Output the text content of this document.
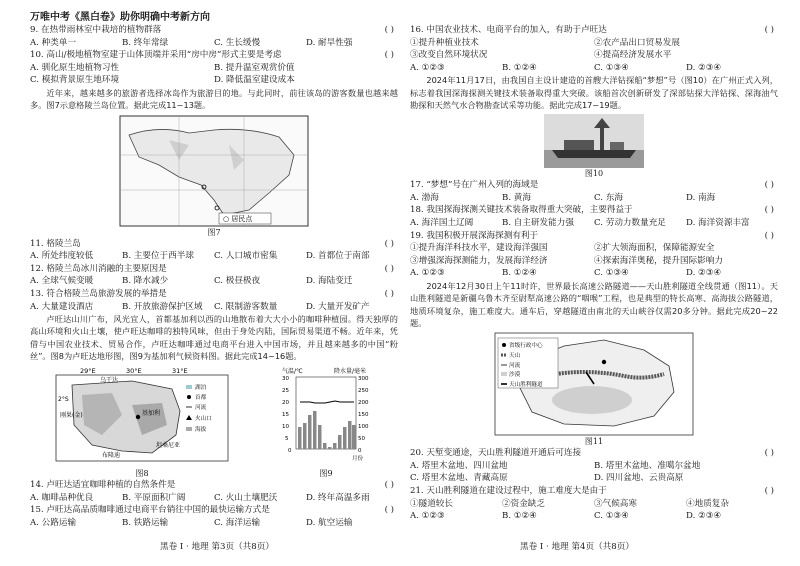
万唯中考《黑白卷》助你明确中考新方向
9. 在热带雨林室中栽培的植物群落	( )
A. 种类单一	B. 终年常绿	C. 生长缓慢	D. 耐旱性强
10. 高山/极地植物室建于山体顶端并采用“房中房”形式主要是考虑	( )
A. 驯化原生地植物习性	B. 提升温室观赏价值
C. 模拟背景原生地环境	D. 降低温室建设成本
近年来，越来越多的旅游者选择冰岛作为旅游目的地。与此同时，前往该岛的游客数量也越来越多。图7示意格陵兰岛位置。据此完成11~13题。
○ 居民点
图7
11. 格陵兰岛	( )
A. 所处纬度较低	B. 主要位于西半球	C. 人口城市密集	D. 首都位于南部
12. 格陵兰岛冰川消融的主要原因是	( )
A. 全球气候变暖	B. 降水减少	C. 极昼极夜	D. 海陆变迁
13. 符合格陵兰岛旅游发展的举措是	( )
A. 大量建设酒店	B. 开放旅游保护区域	C. 限制游客数量	D. 大量开发矿产
卢旺达山川广布，风光宜人，首都基加利以西的山地散布着大大小小的咖啡种植园。得天独厚的高山环境和火山土壤，使卢旺达咖啡的独特风味，但由于身处内陆，国际贸易渠道不畅。近年来，凭借与中国农业技术、贸易合作，卢旺达咖啡通过电商平台进入中国市场，并且越来越多的中国“粉丝”。图8为卢旺达地形图，图9为基加利气候资料图。据此完成14~16题。
29°E	30°E	31°E
乌干达
刚果(金)
坦桑尼亚
布隆迪
基加利
2°S
湖泊
首都
河流
火山口
海拔
图8
气温/℃	降水量/毫米
30
25
20
15
10
5
0
300
250
200
150
100
50
0
月份
图9
14. 卢旺达适宜咖啡种植的自然条件是	( )
A. 咖啡品种优良	B. 平原面积广阔	C. 火山土壤肥沃	D. 终年高温多雨
15. 卢旺达高品质咖啡通过电商平台销往中国的最快运输方式是	( )
A. 公路运输	B. 铁路运输	C. 海洋运输	D. 航空运输
16. 中国农业技术、电商平台的加入，有助于卢旺达	( )
①提升种植业技术	②农产品出口贸易发展
③改变自然环境状况	④提高经济发展水平
A. ①②③	B. ①②④	C. ①③④	D. ②③④
2024年11月17日，由我国自主设计建造的首艘大洋钻探船“梦想”号（图10）在广州正式入列，标志着我国深海探测关键技术装备取得重大突破。该船首次创新研发了深部钻探大洋钻探、深海油气勘探和天然气水合物勘查试采等功能。据此完成17~19题。
图10
17. “梦想”号在广州入列的海域是	( )
A. 渤海	B. 黄海	C. 东海	D. 南海
18. 我国探海探测关键技术装备取得重大突破，主要得益于	( )
A. 海洋国土辽阔	B. 自主研发能力强	C. 劳动力数量充足	D. 海洋资源丰富
19. 我国积极开展深海探测有利于	( )
①提升海洋科技水平，建设海洋强国	②扩大领海面积，保障能源安全
③增强深海探测能力，发展海洋经济	④探索海洋奥秘，提升国际影响力
A. ①②③	B. ①②④	C. ①③④	D. ②③④
2024年12月30日上午11时许，世界最长高速公路隧道——天山胜利隧道全线贯通（图11）。天山胜利隧道是新疆乌鲁木齐至尉犁高速公路的“咽喉”工程，也是典型的特长高寒、高海拔公路隧道，地质环境复杂，施工难度大。通车后，穿越隧道由南北的天山峡谷仅需20多分钟。据此完成20~22题。
省级行政中心
天山
河流
沙漠
天山胜利隧道
图11
20. 天堑变通途，天山胜利隧道开通后可连接	( )
A. 塔里木盆地、四川盆地	B. 塔里木盆地、准噶尔盆地
C. 塔里木盆地、青藏高原	D. 四川盆地、云贵高原
21. 天山胜利隧道在建设过程中，施工难度大是由于	( )
①隧道较长	②资金缺乏	③气候高寒	④地质复杂
A. ①②③	B. ①②④	C. ①③④	D. ②③④
黑卷 I · 地理 第3页（共8页）	黑卷 I · 地理 第4页（共8页）
